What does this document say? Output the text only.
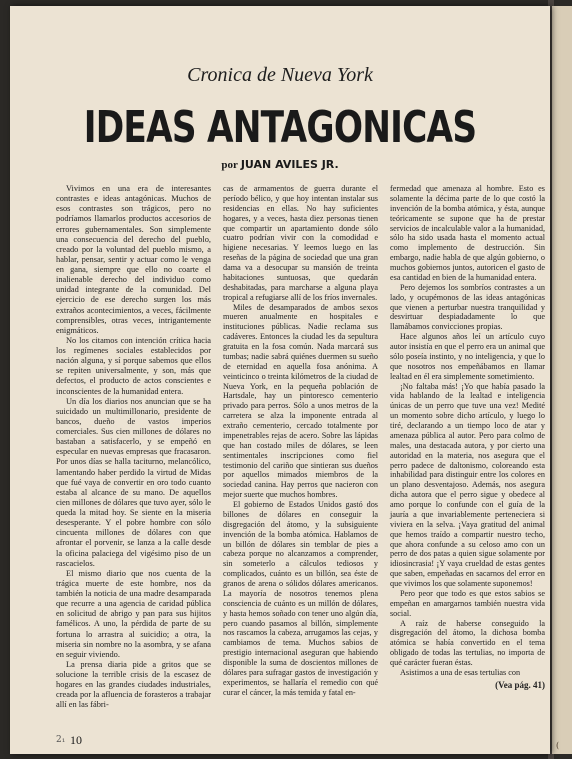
(
Cronica de Nueva York
IDEAS ANTAGONICAS
por JUAN AVILES JR.

Vivimos en una era de interesantes contrastes e ideas antagónicas. Muchos de esos contrastes son trágicos, pero no podríamos llamarlos productos accesorios de errores gubernamentales. Son simplemente una consecuencia del derecho del pueblo, creado por la voluntad del pueblo mismo, a hablar, pensar, sentir y actuar como le venga en gana, siempre que ello no coarte el inalienable derecho del individuo como unidad integrante de la comunidad. Del ejercicio de ese derecho surgen los más extraños acontecimientos, a veces, fácilmente comprensibles, otras veces, intrigantemente enigmáticos.

No los citamos con intención crítica hacia los regímenes sociales establecidos por nación alguna, y sí porque sabemos que ellos se repiten universalmente, y son, más que defectos, el producto de actos conscientes e inconscientes de la humanidad entera.

Un día los diarios nos anuncian que se ha suicidado un multimillonario, presidente de bancos, dueño de vastos imperios comerciales. Sus cien millones de dólares no bastaban a satisfacerlo, y se empeñó en especular en nuevas empresas que fracasaron. Por unos días se halla taciturno, melancólico, lamentando haber perdido la virtud de Midas que fué vaya de convertir en oro todo cuanto estaba al alcance de su mano. De aquellos cien millones de dólares que tuvo ayer, sólo le queda la mitad hoy. Se siente en la miseria desesperante. Y el pobre hombre con sólo cincuenta millones de dólares con que afrontar el porvenir, se lanza a la calle desde la oficina palaciega del vigésimo piso de un rascacielos.

El mismo diario que nos cuenta de la trágica muerte de este hombre, nos da también la noticia de una madre desamparada que recurre a una agencia de caridad pública en solicitud de abrigo y pan para sus hijitos famélicos. A uno, la pérdida de parte de su fortuna lo arrastra al suicidio; a otra, la miseria sin nombre no la asombra, y se afana en seguir viviendo.

La prensa diaria pide a gritos que se solucione la terrible crisis de la escasez de hogares en las grandes ciudades industriales, creada por la afluencia de forasteros a trabajar allí en las fábri-

cas de armamentos de guerra durante el período bélico, y que hoy intentan instalar sus residencias en ellas. No hay suficientes hogares, y a veces, hasta diez personas tienen que compartir un apartamiento donde sólo cuatro podrían vivir con la comodidad e higiene necesarias. Y leemos luego en las reseñas de la página de sociedad que una gran dama va a desocupar su mansión de treinta habitaciones suntuosas, que quedarán deshabitadas, para marcharse a alguna playa tropical a refugiarse allí de los fríos invernales.

Miles de desamparados de ambos sexos mueren anualmente en hospitales e instituciones públicas. Nadie reclama sus cadáveres. Entonces la ciudad les da sepultura gratuita en la fosa común. Nada marcará sus tumbas; nadie sabrá quiénes duermen su sueño de eternidad en aquella fosa anónima. A veinticinco o treinta kilómetros de la ciudad de Nueva York, en la pequeña población de Hartsdale, hay un pintoresco cementerio privado para perros. Sólo a unos metros de la carretera se alza la imponente entrada al extraño cementerio, cercado totalmente por impenetrables rejas de acero. Sobre las lápidas que han costado miles de dólares, se leen sentimentales inscripciones como fiel testimonio del cariño que sintieran sus dueños por aquellos mimados miembros de la sociedad canina. Hay perros que nacieron con mejor suerte que muchos hombres.

El gobierno de Estados Unidos gastó dos billones de dólares en conseguir la disgregación del átomo, y la subsiguiente invención de la bomba atómica. Hablamos de un billón de dólares sin temblar de pies a cabeza porque no alcanzamos a comprender, sin someterlo a cálculos tediosos y complicados, cuánto es un billón, sea éste de granos de arena o sólidos dólares americanos. La mayoría de nosotros tenemos plena consciencia de cuánto es un millón de dólares, y hasta hemos soñado con tener uno algún día, pero cuando pasamos al billón, simplemente nos rascamos la cabeza, arrugamos las cejas, y cambiamos de tema. Muchos sabios de prestigio internacional aseguran que habiendo disponible la suma de doscientos millones de dólares para sufragar gastos de investigación y experimentos, se hallaría el remedio con qué curar el cáncer, la más temida y fatal en-

fermedad que amenaza al hombre. Esto es solamente la décima parte de lo que costó la invención de la bomba atómica, y ésta, aunque teóricamente se supone que ha de prestar servicios de incalculable valor a la humanidad, sólo ha sido usada hasta el momento actual como implemento de destrucción. Sin embargo, nadie habla de que algún gobierno, o muchos gobiernos juntos, autoricen el gasto de esa cantidad en bien de la humanidad entera.

Pero dejemos los sombríos contrastes a un lado, y ocupémonos de las ideas antagónicas que vienen a perturbar nuestra tranquilidad y desvirtuar despiadadamente lo que llamábamos convicciones propias.

Hace algunos años leí un artículo cuyo autor insistía en que el perro era un animal que sólo poseía instinto, y no inteligencia, y que lo que nosotros nos empeñábamos en llamar lealtad en él era simplemente sometimiento.

¡No faltaba más! ¡Yo que había pasado la vida hablando de la lealtad e inteligencia únicas de un perro que tuve una vez! Medité un momento sobre dicho artículo, y luego lo tiré, declarando a un tiempo loco de atar y amenaza pública al autor. Pero para colmo de males, una destacada autora, y por cierto una autoridad en la materia, nos asegura que el perro padece de daltonismo, coloreando esta inhabilidad para distinguir entre los colores en un plano desventajoso. Además, nos asegura dicha autora que el perro sigue y obedece al amo porque lo confunde con el guía de la jauría a que invariablemente perteneciera si viviera en la selva. ¡Vaya gratitud del animal que hemos traído a compartir nuestro techo, que ahora confunde a su celoso amo con un perro de dos patas a quien sigue solamente por idiosincrasia! ¡Y vaya crueldad de estas gentes que saben, empeñadas en sacarnos del error en que vivimos los que solamente suponemos!

Pero peor que todo es que estos sabios se empeñan en amargarnos también nuestra vida social.

A raíz de haberse conseguido la disgregación del átomo, la dichosa bomba atómica se había convertido en el tema obligado de todas las tertulias, no importa de qué carácter fueran éstas.

Asistimos a una de esas tertulias con

(Vea pág. 41)
2₁ 10
